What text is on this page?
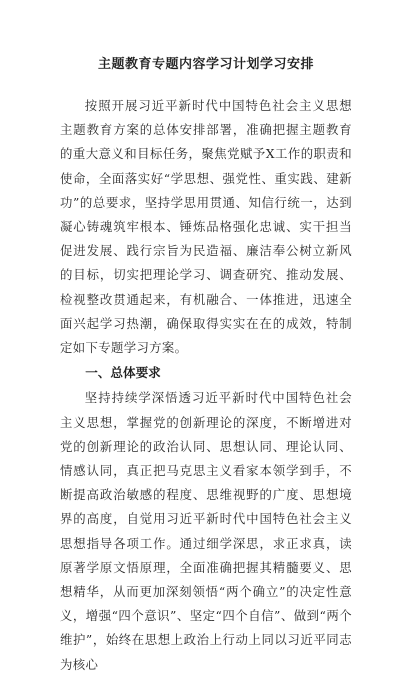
主题教育专题内容学习计划学习安排

按照开展习近平新时代中国特色社会主义思想主题教育方案的总体安排部署，准确把握主题教育的重大意义和目标任务，聚焦党赋予X工作的职责和使命，全面落实好“学思想、强党性、重实践、建新功”的总要求，坚持学思用贯通、知信行统一，达到凝心铸魂筑牢根本、锤炼品格强化忠诚、实干担当促进发展、践行宗旨为民造福、廉洁奉公树立新风的目标，切实把理论学习、调查研究、推动发展、检视整改贯通起来，有机融合、一体推进，迅速全面兴起学习热潮，确保取得实实在在的成效，特制定如下专题学习方案。

一、总体要求

坚持持续学深悟透习近平新时代中国特色社会主义思想，掌握党的创新理论的深度，不断增进对党的创新理论的政治认同、思想认同、理论认同、情感认同，真正把马克思主义看家本领学到手，不断提高政治敏感的程度、思维视野的广度、思想境界的高度，自觉用习近平新时代中国特色社会主义思想指导各项工作。通过细学深思，求正求真，读原著学原文悟原理，全面准确把握其精髓要义、思想精华，从而更加深刻领悟“两个确立”的决定性意义，增强“四个意识”、坚定“四个自信”、做到“两个维护”，始终在思想上政治上行动上同以习近平同志为核心
